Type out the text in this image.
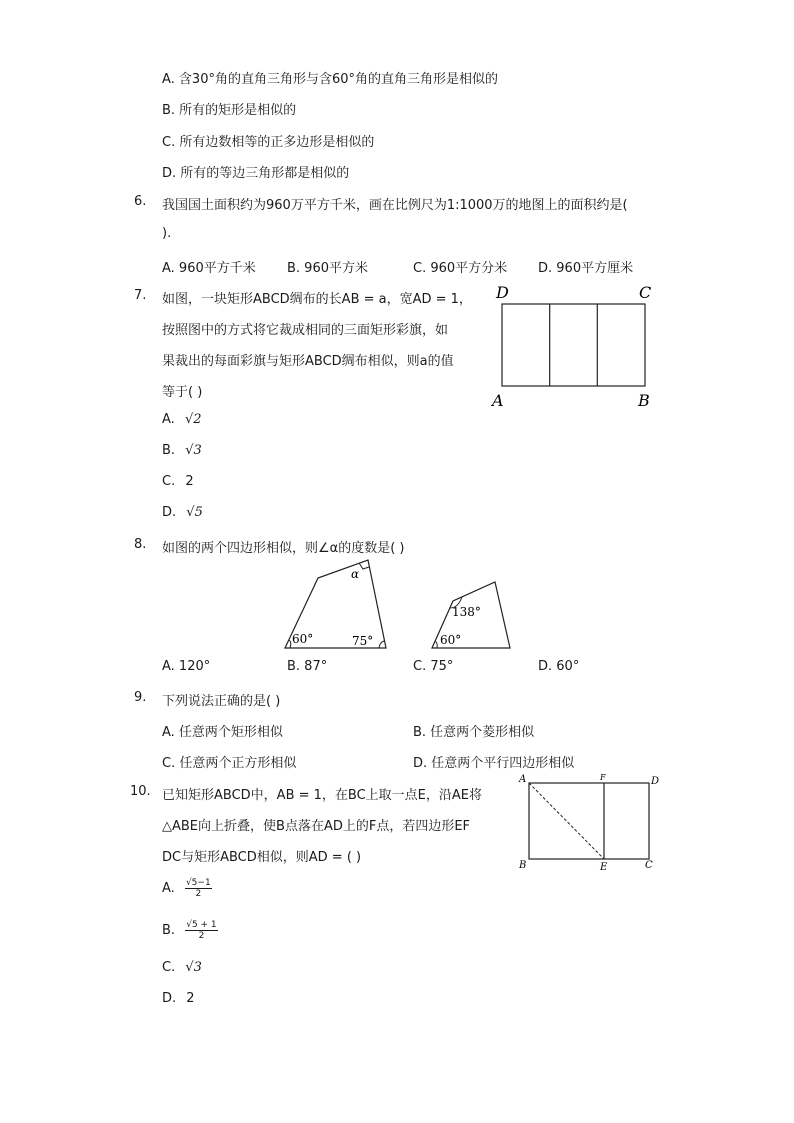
A. 含30°角的直角三角形与含60°角的直角三角形是相似的
B. 所有的矩形是相似的
C. 所有边数相等的正多边形是相似的
D. 所有的等边三角形都是相似的
6. 我国国土面积约为960万平方千米，画在比例尺为1:1000万的地图上的面积约是(
).
A. 960平方千米 B. 960平方米	C. 960平方分米 D. 960平方厘米
7. 如图，一块矩形ABCD绸布的长AB = a，宽AD = 1，
按照图中的方式将它裁成相同的三面矩形彩旗，如
果裁出的每面彩旗与矩形ABCD绸布相似，则a的值
等于( )
A. √2
B. √3
C. 2
D. √5
D	C
A	B
8. 如图的两个四边形相似，则∠α的度数是( )
α
60°	75°
138°
60°
A. 120°	B. 87°	C. 75°	D. 60°
9. 下列说法正确的是( )
A. 任意两个矩形相似	B. 任意两个菱形相似
C. 任意两个正方形相似	D. 任意两个平行四边形相似
10. 已知矩形ABCD中，AB = 1，在BC上取一点E，沿AE将
△ABE向上折叠，使B点落在AD上的F点，若四边形EF
DC与矩形ABCD相似，则AD = ( )
A. $\frac{√5-1}{2}$
B. $\frac{√5 + 1}{2}$
C. √3
D. 2
A	F	D
B	E	C
